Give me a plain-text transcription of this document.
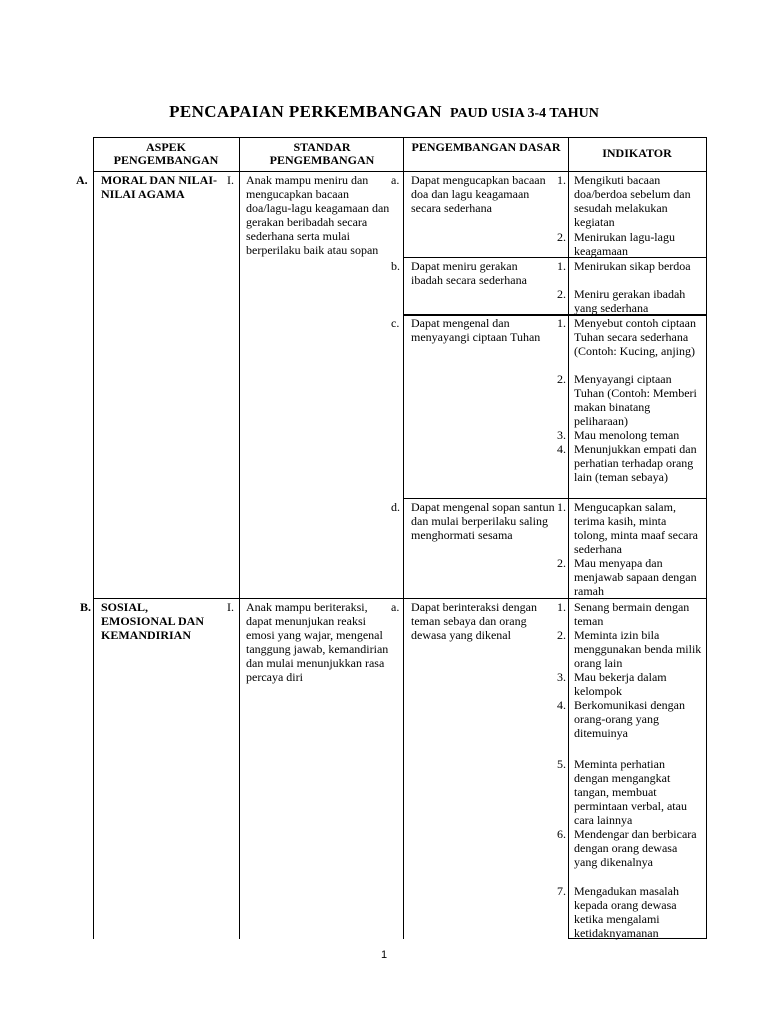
PENCAPAIAN PERKEMBANGAN PAUD USIA 3-4 TAHUN
ASPEK PENGEMBANGAN
STANDAR PENGEMBANGAN
PENGEMBANGAN DASAR	INDIKATOR
A. MORAL DAN NILAI-NILAI AGAMA
I. Anak mampu meniru dan mengucapkan bacaan doa/lagu-lagu keagamaan dan gerakan beribadah secara sederhana serta mulai berperilaku baik atau sopan
a. Dapat mengucapkan bacaan doa dan lagu keagamaan secara sederhana
1. Mengikuti bacaan doa/berdoa sebelum dan sesudah melakukan kegiatan
2. Menirukan lagu-lagu keagamaan
b. Dapat meniru gerakan ibadah secara sederhana
1. Menirukan sikap berdoa
2. Meniru gerakan ibadah yang sederhana
c. Dapat mengenal dan menyayangi ciptaan Tuhan
1. Menyebut contoh ciptaan Tuhan secara sederhana (Contoh: Kucing, anjing)
2. Menyayangi ciptaan Tuhan (Contoh: Memberi makan binatang peliharaan)
3. Mau menolong teman
4. Menunjukkan empati dan perhatian terhadap orang lain (teman sebaya)
d. Dapat mengenal sopan santun dan mulai berperilaku saling menghormati sesama
1. Mengucapkan salam, terima kasih, minta tolong, minta maaf secara sederhana
2. Mau menyapa dan menjawab sapaan dengan ramah
B. SOSIAL, EMOSIONAL DAN KEMANDIRIAN
I. Anak mampu beriteraksi, dapat menunjukan reaksi emosi yang wajar, mengenal tanggung jawab, kemandirian dan mulai menunjukkan rasa percaya diri
a. Dapat berinteraksi dengan teman sebaya dan orang dewasa yang dikenal
1. Senang bermain dengan teman
2. Meminta izin bila menggunakan benda milik orang lain
3. Mau bekerja dalam kelompok
4. Berkomunikasi dengan orang-orang yang ditemuinya
5. Meminta perhatian dengan mengangkat tangan, membuat permintaan verbal, atau cara lainnya
6. Mendengar dan berbicara dengan orang dewasa yang dikenalnya
7. Mengadukan masalah kepada orang dewasa ketika mengalami ketidaknyamanan
1
